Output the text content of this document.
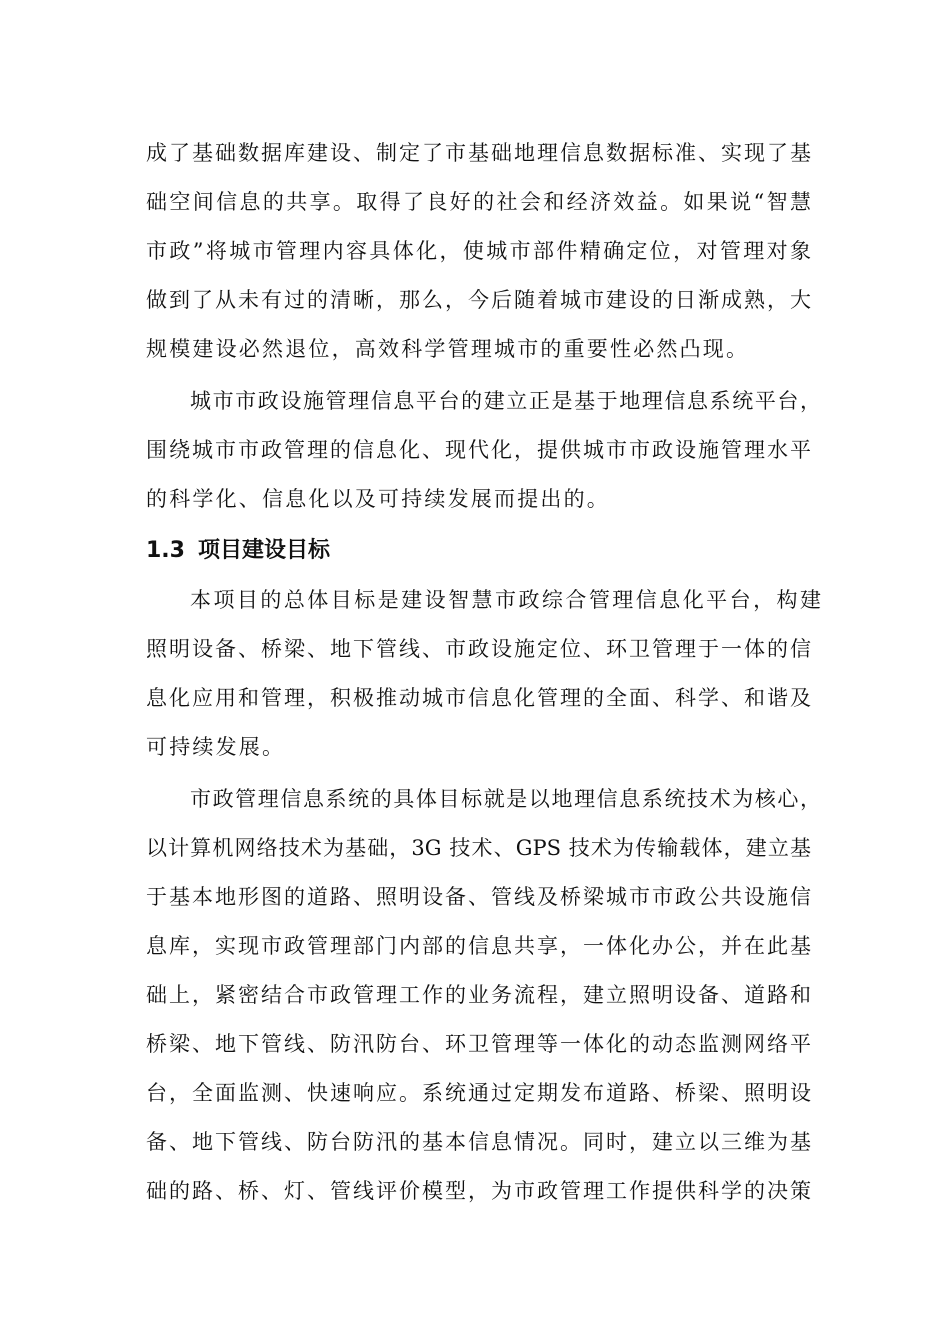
成了基础数据库建设、制定了市基础地理信息数据标准、实现了基
础空间信息的共享。取得了良好的社会和经济效益。如果说“智慧
市政”将城市管理内容具体化，使城市部件精确定位，对管理对象
做到了从未有过的清晰，那么，今后随着城市建设的日渐成熟，大
规模建设必然退位，高效科学管理城市的重要性必然凸现。
城市市政设施管理信息平台的建立正是基于地理信息系统平台，
围绕城市市政管理的信息化、现代化，提供城市市政设施管理水平
的科学化、信息化以及可持续发展而提出的。
1.3 项目建设目标
本项目的总体目标是建设智慧市政综合管理信息化平台，构建
照明设备、桥梁、地下管线、市政设施定位、环卫管理于一体的信
息化应用和管理，积极推动城市信息化管理的全面、科学、和谐及
可持续发展。
市政管理信息系统的具体目标就是以地理信息系统技术为核心，
以计算机网络技术为基础，3G 技术、GPS 技术为传输载体，建立基
于基本地形图的道路、照明设备、管线及桥梁城市市政公共设施信
息库，实现市政管理部门内部的信息共享，一体化办公，并在此基
础上，紧密结合市政管理工作的业务流程，建立照明设备、道路和
桥梁、地下管线、防汛防台、环卫管理等一体化的动态监测网络平
台，全面监测、快速响应。系统通过定期发布道路、桥梁、照明设
备、地下管线、防台防汛的基本信息情况。同时，建立以三维为基
础的路、桥、灯、管线评价模型，为市政管理工作提供科学的决策
